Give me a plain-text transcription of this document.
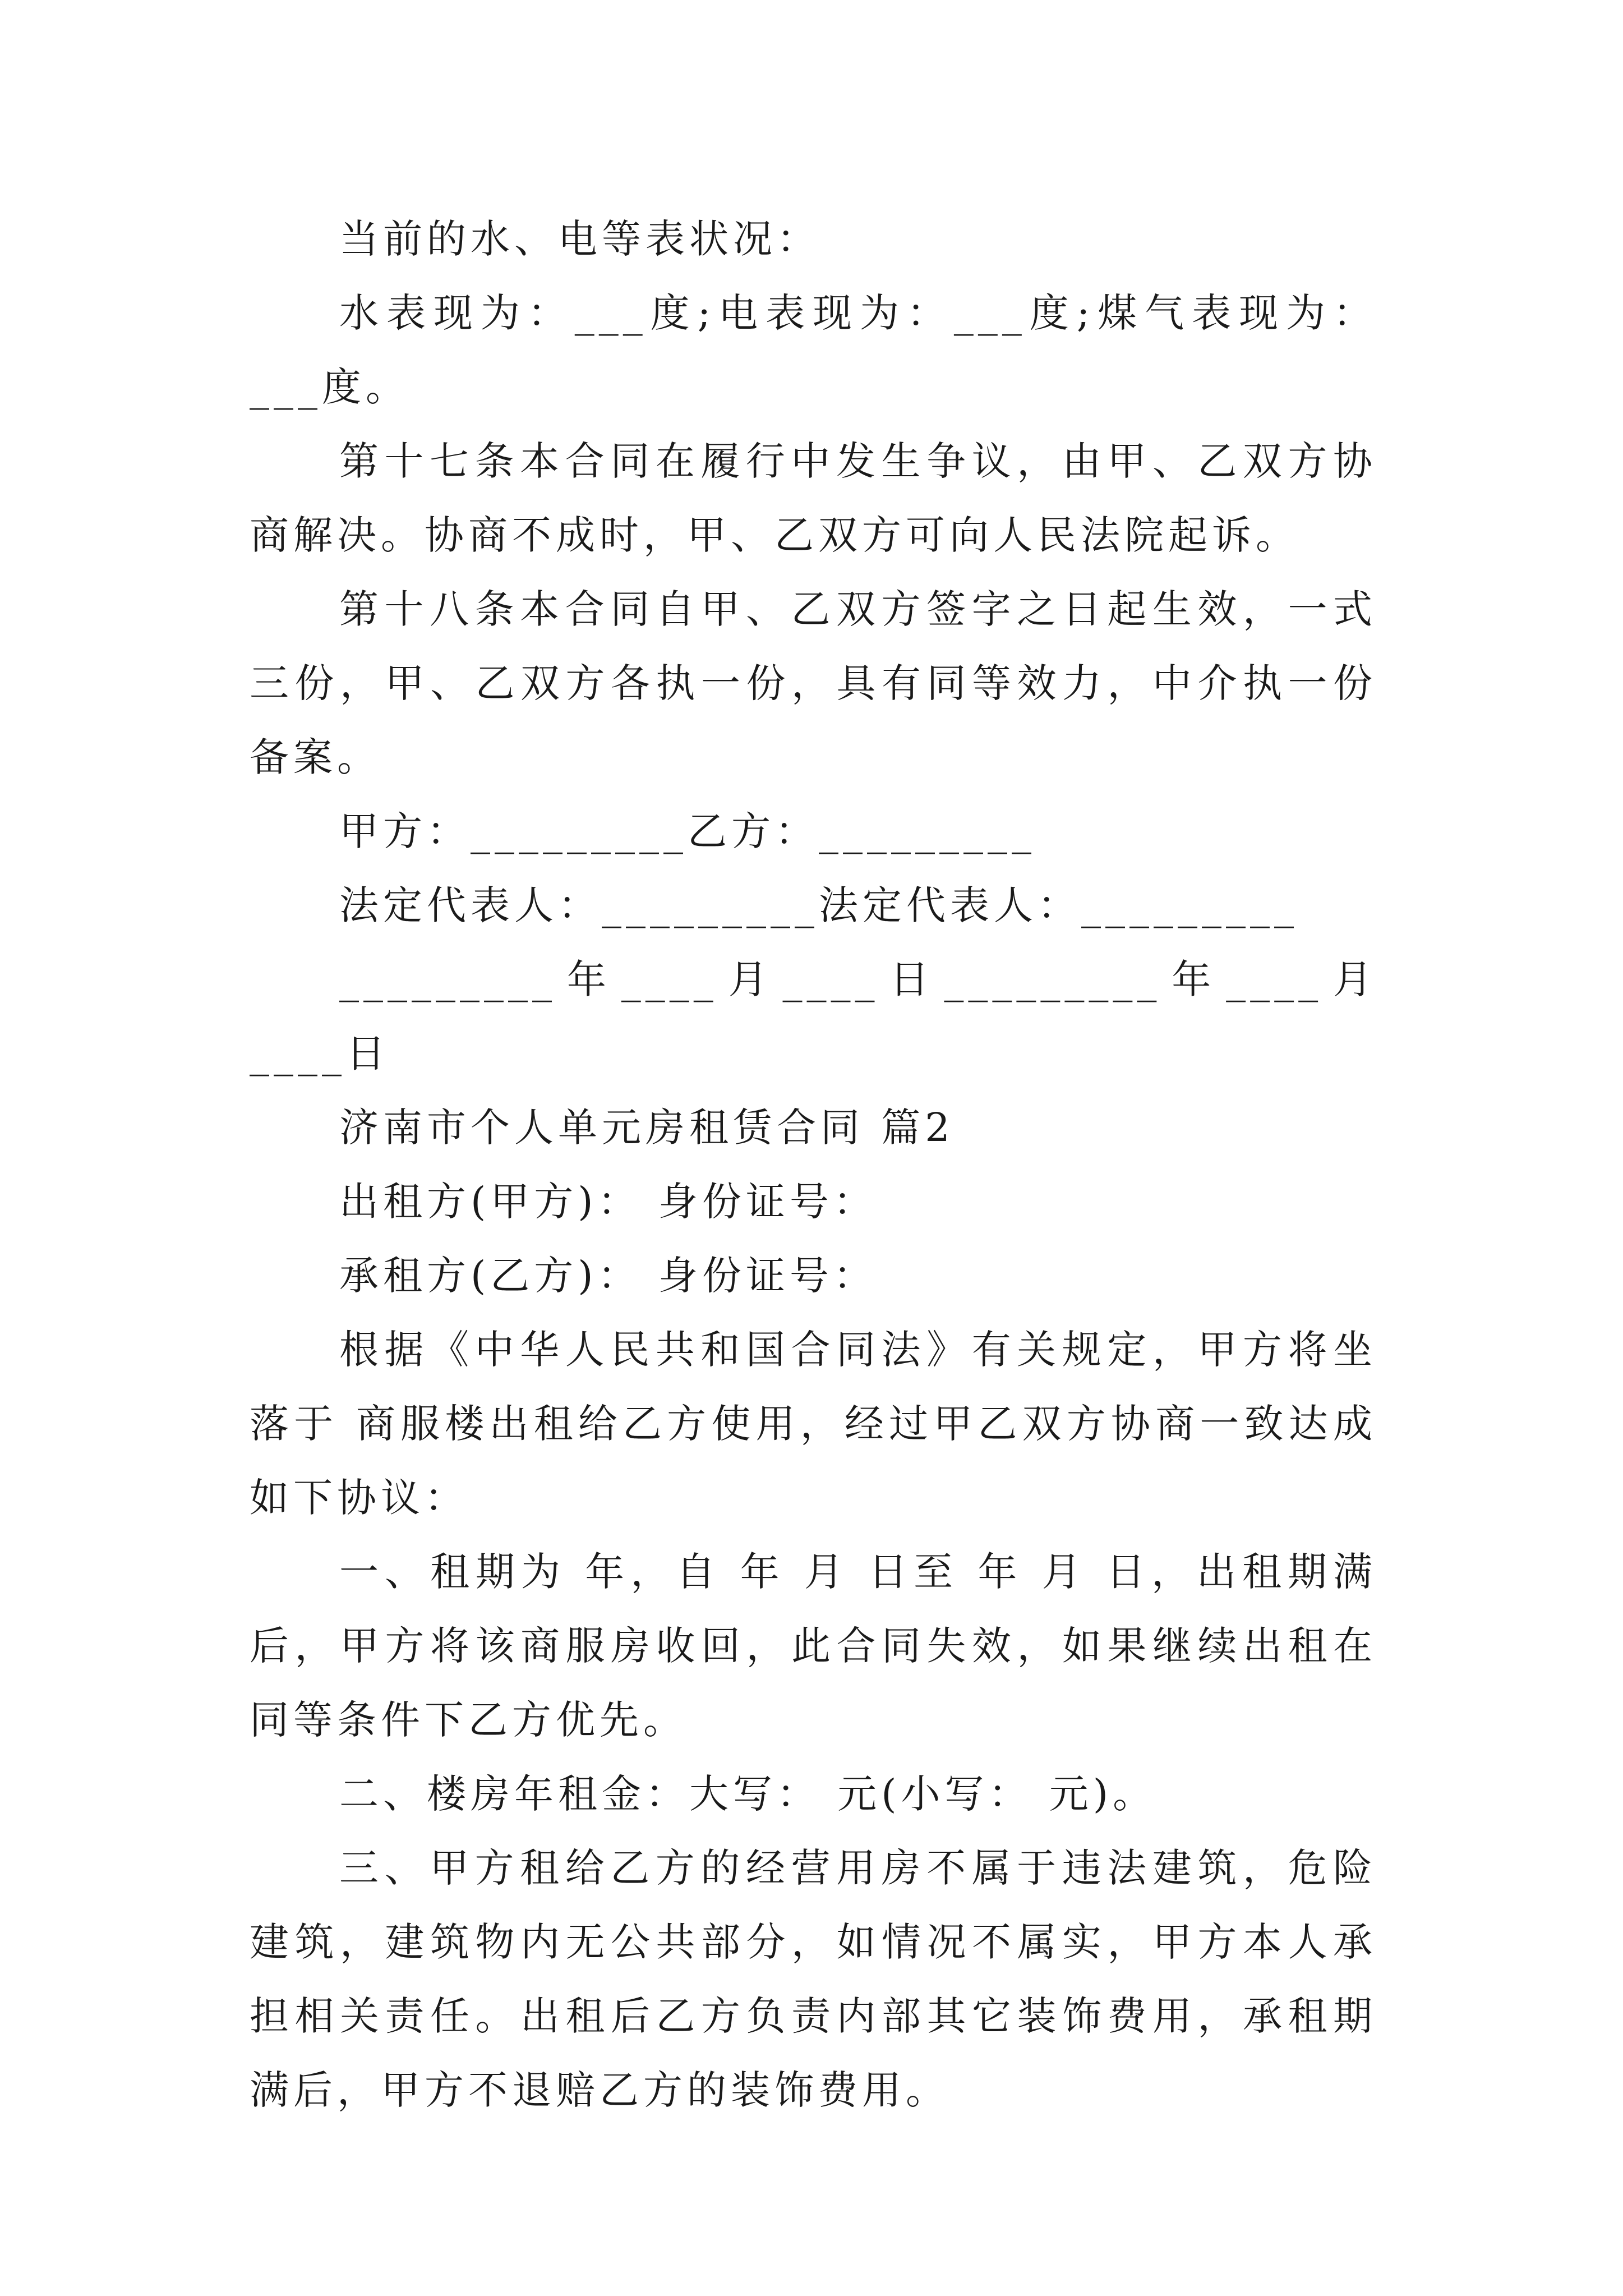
当前的水、电等表状况：

水表现为：___度;电表现为：___度;煤气表现为：___度。

第十七条本合同在履行中发生争议，由甲、乙双方协商解决。协商不成时，甲、乙双方可向人民法院起诉。

第十八条本合同自甲、乙双方签字之日起生效，一式三份，甲、乙双方各执一份，具有同等效力，中介执一份备案。

甲方：_________乙方：_________

法定代表人：_________法定代表人：_________

_________年____月____日_________年____月____日

济南市个人单元房租赁合同 篇2

出租方(甲方)： 身份证号：

承租方(乙方)： 身份证号：

根据《中华人民共和国合同法》有关规定，甲方将坐落于 商服楼出租给乙方使用，经过甲乙双方协商一致达成如下协议：

一、租期为 年，自 年 月 日至 年 月 日，出租期满后，甲方将该商服房收回，此合同失效，如果继续出租在同等条件下乙方优先。

二、楼房年租金：大写： 元(小写： 元)。

三、甲方租给乙方的经营用房不属于违法建筑，危险建筑，建筑物内无公共部分，如情况不属实，甲方本人承担相关责任。出租后乙方负责内部其它装饰费用，承租期满后，甲方不退赔乙方的装饰费用。
